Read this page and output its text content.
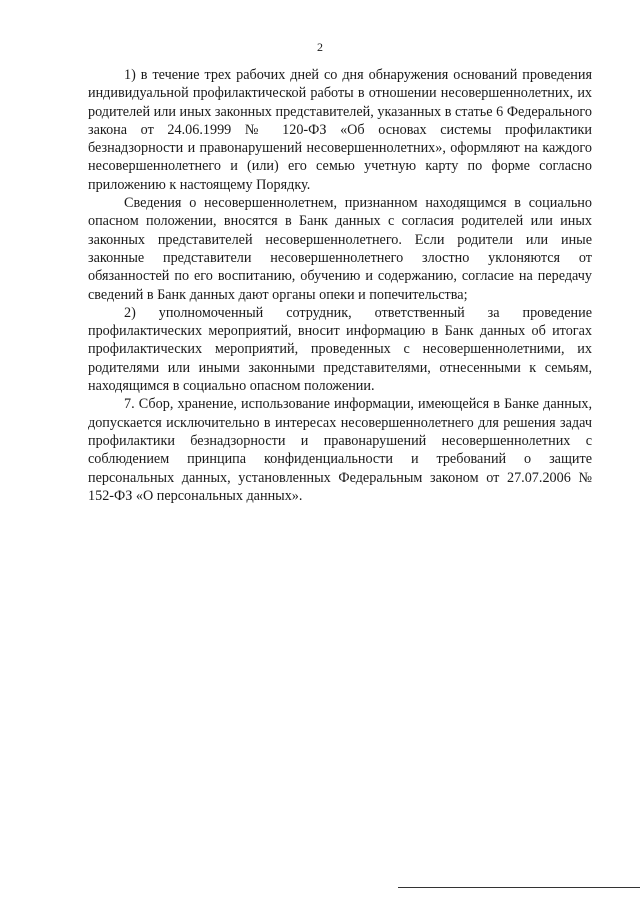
2

1) в течение трех рабочих дней со дня обнаружения оснований проведения индивидуальной профилактической работы в отношении несовершеннолетних, их родителей или иных законных представителей, указанных в статье 6 Федерального закона от 24.06.1999 № 120-ФЗ «Об основах системы профилактики безнадзорности и правонарушений несовершеннолетних», оформляют на каждого несовершеннолетнего и (или) его семью учетную карту по форме согласно приложению к настоящему Порядку.

Сведения о несовершеннолетнем, признанном находящимся в социально опасном положении, вносятся в Банк данных с согласия родителей или иных законных представителей несовершеннолетнего. Если родители или иные законные представители несовершеннолетнего злостно уклоняются от обязанностей по его воспитанию, обучению и содержанию, согласие на передачу сведений в Банк данных дают органы опеки и попечительства;

2) уполномоченный сотрудник, ответственный за проведение профилактических мероприятий, вносит информацию в Банк данных об итогах профилактических мероприятий, проведенных с несовершеннолетними, их родителями или иными законными представителями, отнесенными к семьям, находящимся в социально опасном положении.

7. Сбор, хранение, использование информации, имеющейся в Банке данных, допускается исключительно в интересах несовершеннолетнего для решения задач профилактики безнадзорности и правонарушений несовершеннолетних с соблюдением принципа конфиденциальности и требований о защите персональных данных, установленных Федеральным законом от 27.07.2006 № 152-ФЗ «О персональных данных».
